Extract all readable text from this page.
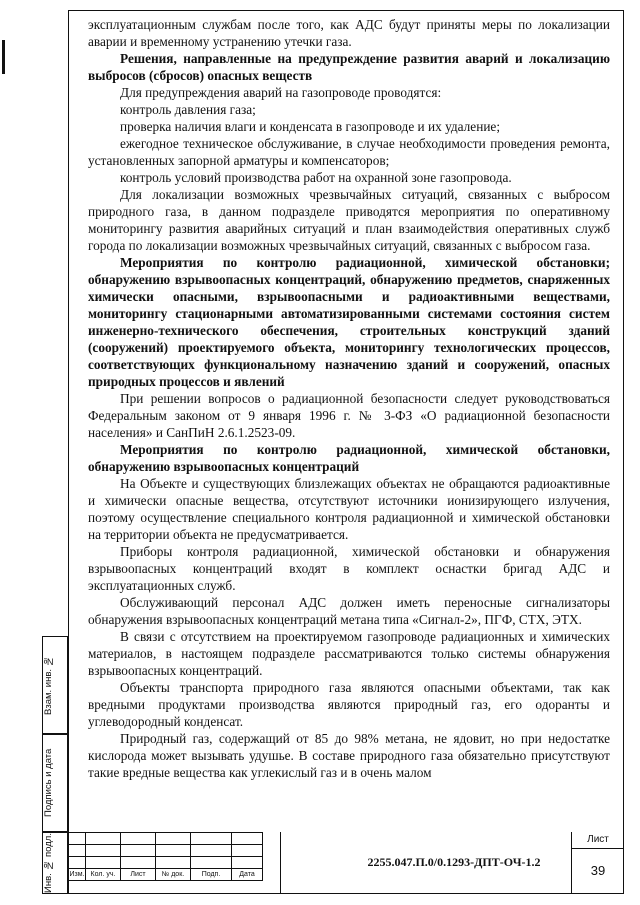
Взам. инв. №
Подпись и дата
Инв. № подл.

эксплуатационным службам после того, как АДС будут приняты меры по локализации аварии и временному устранению утечки газа.

Решения, направленные на предупреждение развития аварий и локализацию выбросов (сбросов) опасных веществ

Для предупреждения аварий на газопроводе проводятся:

контроль давления газа;

проверка наличия влаги и конденсата в газопроводе и их удаление;

ежегодное техническое обслуживание, в случае необходимости проведения ремонта, установленных запорной арматуры и компенсаторов;

контроль условий производства работ на охранной зоне газопровода.

Для локализации возможных чрезвычайных ситуаций, связанных с выбросом природного газа, в данном подразделе приводятся мероприятия по оперативному мониторингу развития аварийных ситуаций и план взаимодействия оперативных служб города по локализации возможных чрезвычайных ситуаций, связанных с выбросом газа.

Мероприятия по контролю радиационной, химической обстановки; обнаружению взрывоопасных концентраций, обнаружению предметов, снаряженных химически опасными, взрывоопасными и радиоактивными веществами, мониторингу стационарными автоматизированными системами состояния систем инженерно-технического обеспечения, строительных конструкций зданий (сооружений) проектируемого объекта, мониторингу технологических процессов, соответствующих функциональному назначению зданий и сооружений, опасных природных процессов и явлений

При решении вопросов о радиационной безопасности следует руководствоваться Федеральным законом от 9 января 1996 г. № 3-ФЗ «О радиационной безопасности населения» и СанПиН 2.6.1.2523-09.

Мероприятия по контролю радиационной, химической обстановки, обнаружению взрывоопасных концентраций

На Объекте и существующих близлежащих объектах не обращаются радиоактивные и химически опасные вещества, отсутствуют источники ионизирующего излучения, поэтому осуществление специального контроля радиационной и химической обстановки на территории объекта не предусматривается.

Приборы контроля радиационной, химической обстановки и обнаружения взрывоопасных концентраций входят в комплект оснастки бригад АДС и эксплуатационных служб.

Обслуживающий персонал АДС должен иметь переносные сигнализаторы обнаружения взрывоопасных концентраций метана типа «Сигнал-2», ПГФ, СТХ, ЭТХ.

В связи с отсутствием на проектируемом газопроводе радиационных и химических материалов, в настоящем подразделе рассматриваются только системы обнаружения взрывоопасных концентраций.

Объекты транспорта природного газа являются опасными объектами, так как вредными продуктами производства являются природный газ, его одоранты и углеводородный конденсат.

Природный газ, содержащий от 85 до 98% метана, не ядовит, но при недостатке кислорода может вызывать удушье. В составе природного газа обязательно присутствуют такие вредные вещества как углекислый газ и в очень малом

Изм.	Кол. уч.	Лист	№ док.	Подп.	Дата
2255.047.П.0/0.1293-ДПТ-ОЧ-1.2
Лист
39
